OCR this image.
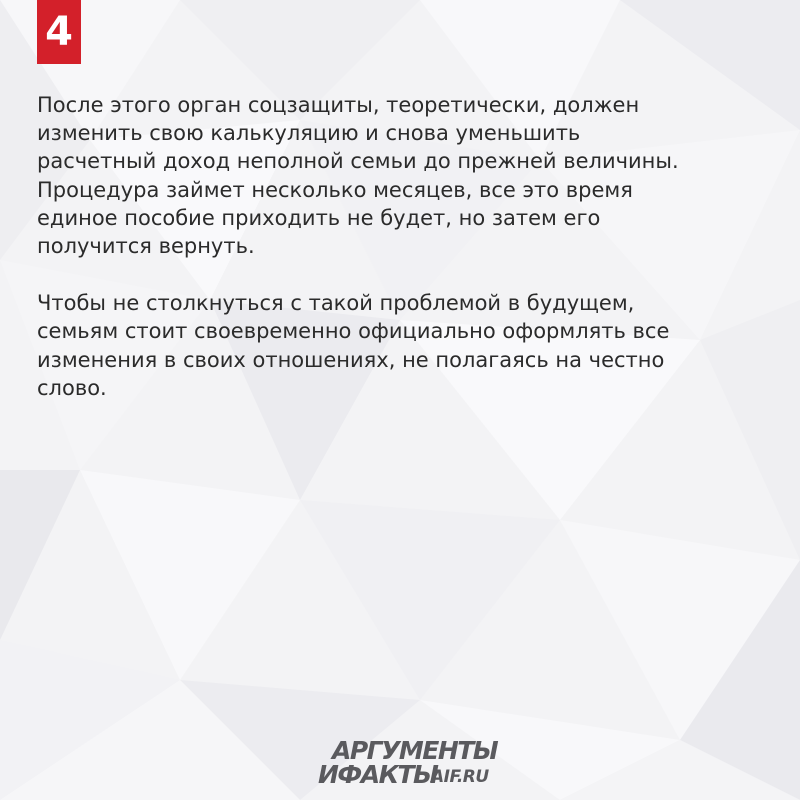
4

После этого орган соцзащиты, теоретически, должен
изменить свою калькуляцию и снова уменьшить
расчетный доход неполной семьи до прежней величины.
Процедура займет несколько месяцев, все это время
единое пособие приходить не будет, но затем его
получится вернуть.

Чтобы не столкнуться с такой проблемой в будущем,
семьям стоит своевременно официально оформлять все
изменения в своих отношениях, не полагаясь на честно
слово.

АРГУМЕНТЫ
ИФАКТЫ
AIF.RU
